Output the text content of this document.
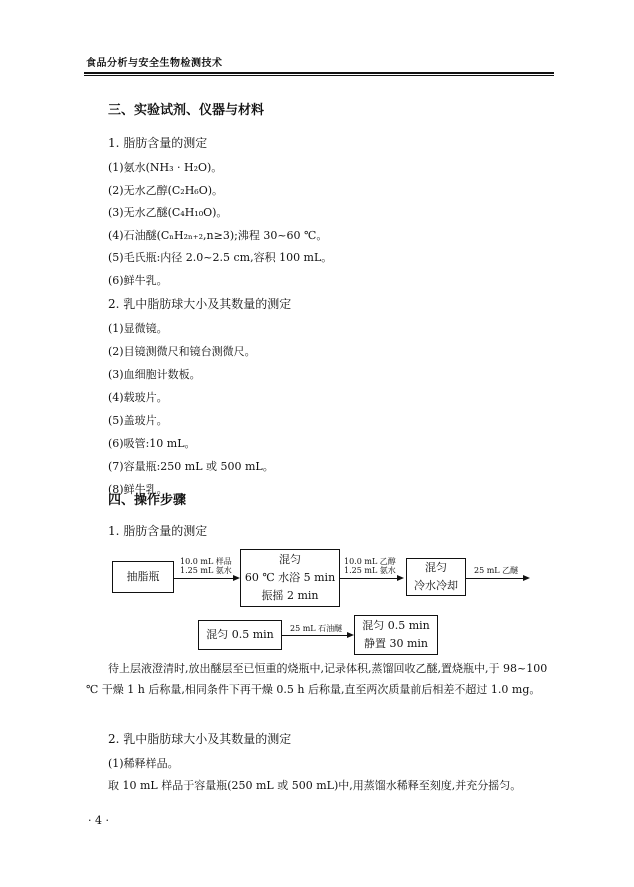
食品分析与安全生物检测技术
三、实验试剂、仪器与材料
1. 脂肪含量的测定
(1)氨水(NH₃ · H₂O)。
(2)无水乙醇(C₂H₆O)。
(3)无水乙醚(C₄H₁₀O)。
(4)石油醚(CₙH₂ₙ₊₂,n≥3);沸程 30~60 ℃。
(5)毛氏瓶:内径 2.0~2.5 cm,容积 100 mL。
(6)鲜牛乳。
2. 乳中脂肪球大小及其数量的测定
(1)显微镜。
(2)目镜测微尺和镜台测微尺。
(3)血细胞计数板。
(4)载玻片。
(5)盖玻片。
(6)吸管:10 mL。
(7)容量瓶:250 mL 或 500 mL。
(8)鲜牛乳。
四、操作步骤
1. 脂肪含量的测定
抽脂瓶
10.0 mL 样品
1.25 mL 氨水
混匀
60 ℃ 水浴 5 min
振摇 2 min
10.0 mL 乙醇
1.25 mL 氨水	混匀
冷水冷却
25 mL 乙醚
混匀 0.5 min 25 mL 石油醚 混匀 0.5 min
静置 30 min
待上层液澄清时,放出醚层至已恒重的烧瓶中,记录体积,蒸馏回收乙醚,置烧瓶中,于 98~100 ℃ 干燥 1 h 后称量,相同条件下再干燥 0.5 h 后称量,直至两次质量前后相差不超过 1.0 mg。
2. 乳中脂肪球大小及其数量的测定
(1)稀释样品。
取 10 mL 样品于容量瓶(250 mL 或 500 mL)中,用蒸馏水稀释至刻度,并充分摇匀。
· 4 ·
